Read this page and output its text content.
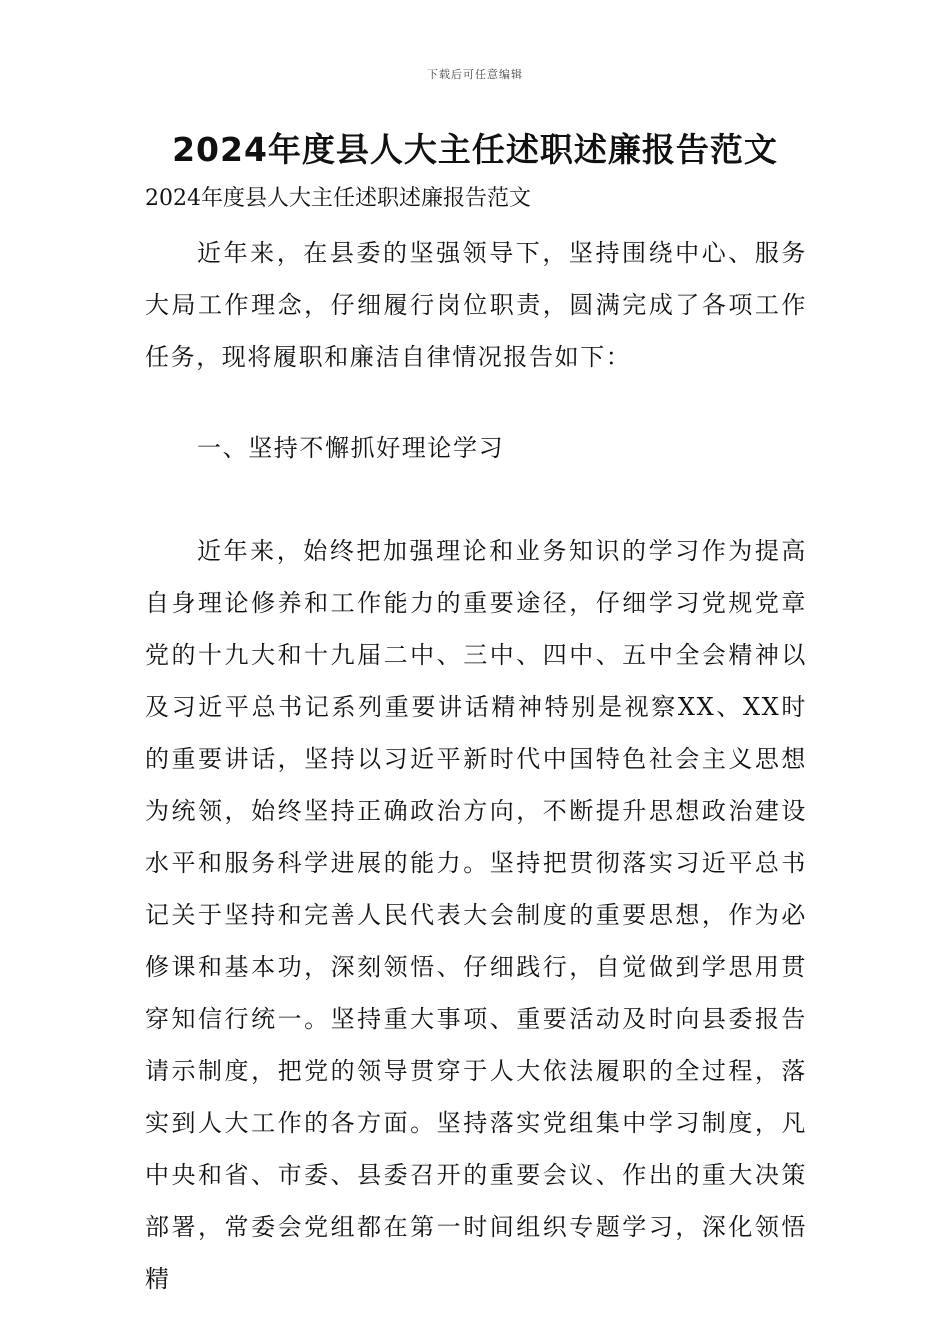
下载后可任意编辑
2024年度县人大主任述职述廉报告范文

2024年度县人大主任述职述廉报告范文

近年来，在县委的坚强领导下，坚持围绕中心、服务大局工作理念，仔细履行岗位职责，圆满完成了各项工作任务，现将履职和廉洁自律情况报告如下：

一、坚持不懈抓好理论学习

近年来，始终把加强理论和业务知识的学习作为提高自身理论修养和工作能力的重要途径，仔细学习党规党章党的十九大和十九届二中、三中、四中、五中全会精神以及习近平总书记系列重要讲话精神特别是视察XX、XX时的重要讲话，坚持以习近平新时代中国特色社会主义思想为统领，始终坚持正确政治方向，不断提升思想政治建设水平和服务科学进展的能力。坚持把贯彻落实习近平总书记关于坚持和完善人民代表大会制度的重要思想，作为必修课和基本功，深刻领悟、仔细践行，自觉做到学思用贯穿知信行统一。坚持重大事项、重要活动及时向县委报告请示制度，把党的领导贯穿于人大依法履职的全过程，落实到人大工作的各方面。坚持落实党组集中学习制度，凡中央和省、市委、县委召开的重要会议、作出的重大决策部署，常委会党组都在第一时间组织专题学习，深化领悟精
